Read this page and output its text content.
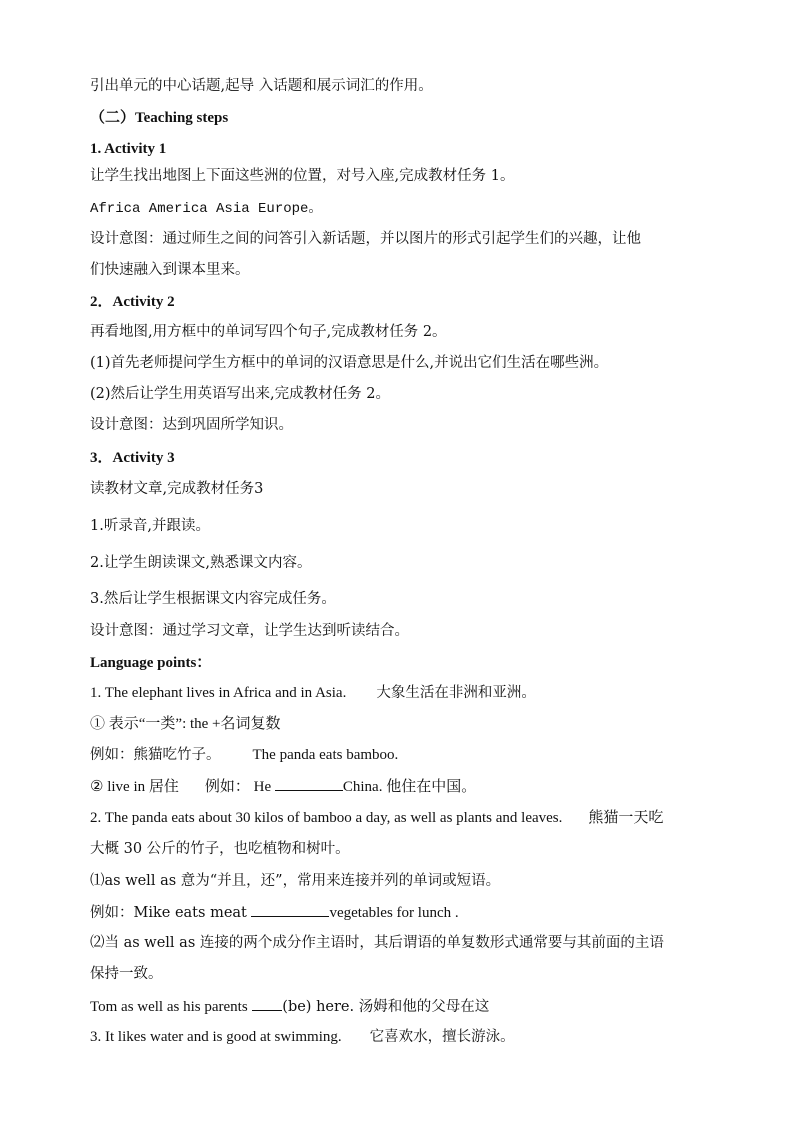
引出单元的中心话题,起导 入话题和展示词汇的作用。
（二）Teaching steps
1. Activity 1
让学生找出地图上下面这些洲的位置，对号入座,完成教材任务 1。
Africa America Asia Europe。
设计意图：通过师生之间的问答引入新话题，并以图片的形式引起学生们的兴趣，让他
们快速融入到课本里来。
2．Activity 2
再看地图,用方框中的单词写四个句子,完成教材任务 2。
(1)首先老师提问学生方框中的单词的汉语意思是什么,并说出它们生活在哪些洲。
(2)然后让学生用英语写出来,完成教材任务 2。
设计意图：达到巩固所学知识。
3．Activity 3
读教材文章,完成教材任务3
1.听录音,并跟读。
2.让学生朗读课文,熟悉课文内容。
3.然后让学生根据课文内容完成任务。
设计意图：通过学习文章，让学生达到听读结合。
Language points：
1. The elephant lives in Africa and in Asia. 大象生活在非洲和亚洲。
① 表示“一类”: the +名词复数
例如：熊猫吃竹子。 The panda eats bamboo.
② live in 居住 例如： He	China. 他住在中国。
2. The panda eats about 30 kilos of bamboo a day, as well as plants and leaves. 熊猫一天吃
大概 30 公斤的竹子，也吃植物和树叶。
⑴as well as 意为“并且，还”，常用来连接并列的单词或短语。
例如：Mike eats meat	vegetables for lunch .
⑵当 as well as 连接的两个成分作主语时，其后谓语的单复数形式通常要与其前面的主语
保持一致。
Tom as well as his parents (be) here. 汤姆和他的父母在这
3. It likes water and is good at swimming. 它喜欢水，擅长游泳。
